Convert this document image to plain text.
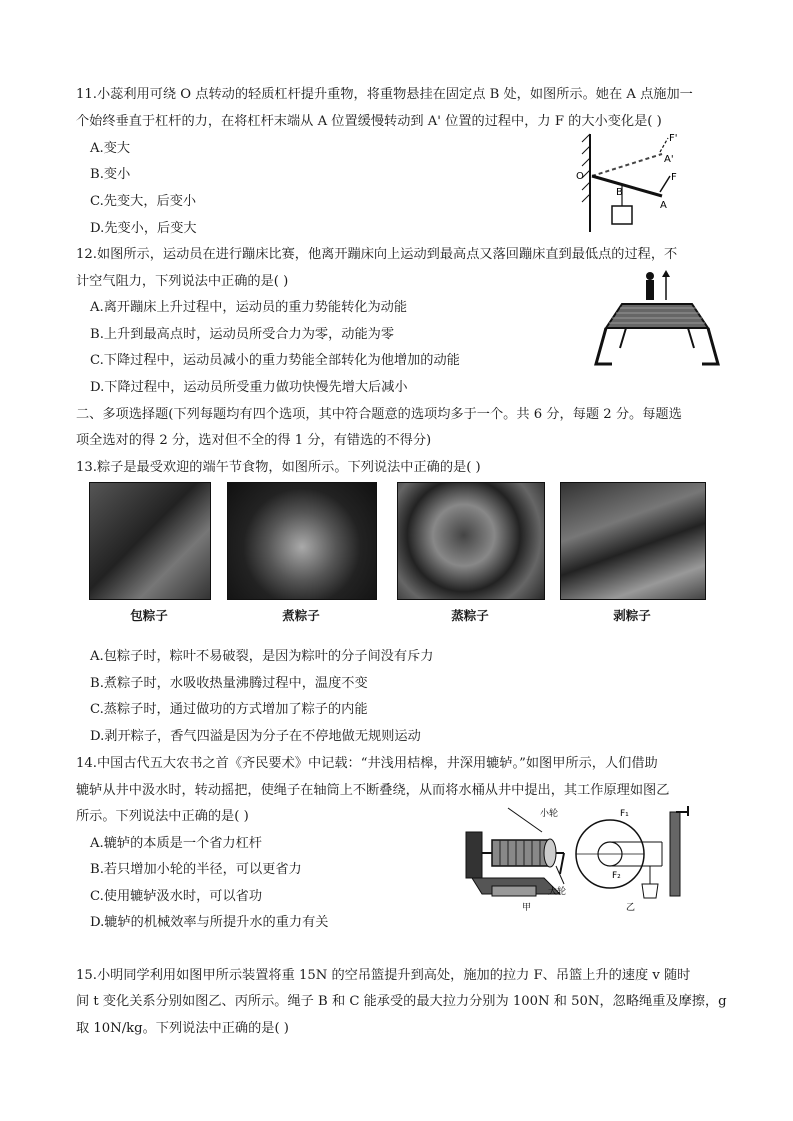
11.小蕊利用可绕 O 点转动的轻质杠杆提升重物，将重物悬挂在固定点 B 处，如图所示。她在 A 点施加一
个始终垂直于杠杆的力，在将杠杆末端从 A 位置缓慢转动到 A' 位置的过程中，力 F 的大小变化是( )
A.变大
B.变小
C.先变大，后变小
D.先变小，后变大
O
B
A
A'
F
F'
12.如图所示，运动员在进行蹦床比赛，他离开蹦床向上运动到最高点又落回蹦床直到最低点的过程，不
计空气阻力，下列说法中正确的是( )
A.离开蹦床上升过程中，运动员的重力势能转化为动能
B.上升到最高点时，运动员所受合力为零，动能为零
C.下降过程中，运动员减小的重力势能全部转化为他增加的动能
D.下降过程中，运动员所受重力做功快慢先增大后减小
二、多项选择题(下列每题均有四个选项，其中符合题意的选项均多于一个。共 6 分，每题 2 分。每题选
项全选对的得 2 分，选对但不全的得 1 分，有错选的不得分)
13.粽子是最受欢迎的端午节食物，如图所示。下列说法中正确的是( )
包粽子	煮粽子	蒸粽子	剥粽子
A.包粽子时，粽叶不易破裂，是因为粽叶的分子间没有斥力
B.煮粽子时，水吸收热量沸腾过程中，温度不变
C.蒸粽子时，通过做功的方式增加了粽子的内能
D.剥开粽子，香气四溢是因为分子在不停地做无规则运动
14.中国古代五大农书之首《齐民要术》中记载：“井浅用桔槔，井深用辘轳。”如图甲所示，人们借助
辘轳从井中汲水时，转动摇把，使绳子在轴筒上不断叠绕，从而将水桶从井中提出，其工作原理如图乙
所示。下列说法中正确的是( )
A.辘轳的本质是一个省力杠杆
B.若只增加小轮的半径，可以更省力
C.使用辘轳汲水时，可以省功
D.辘轳的机械效率与所提升水的重力有关
小轮
大轮
甲
F₁
F₂
乙
15.小明同学利用如图甲所示装置将重 15N 的空吊篮提升到高处，施加的拉力 F、吊篮上升的速度 v 随时
间 t 变化关系分别如图乙、丙所示。绳子 B 和 C 能承受的最大拉力分别为 100N 和 50N，忽略绳重及摩擦，g
取 10N/kg。下列说法中正确的是( )
